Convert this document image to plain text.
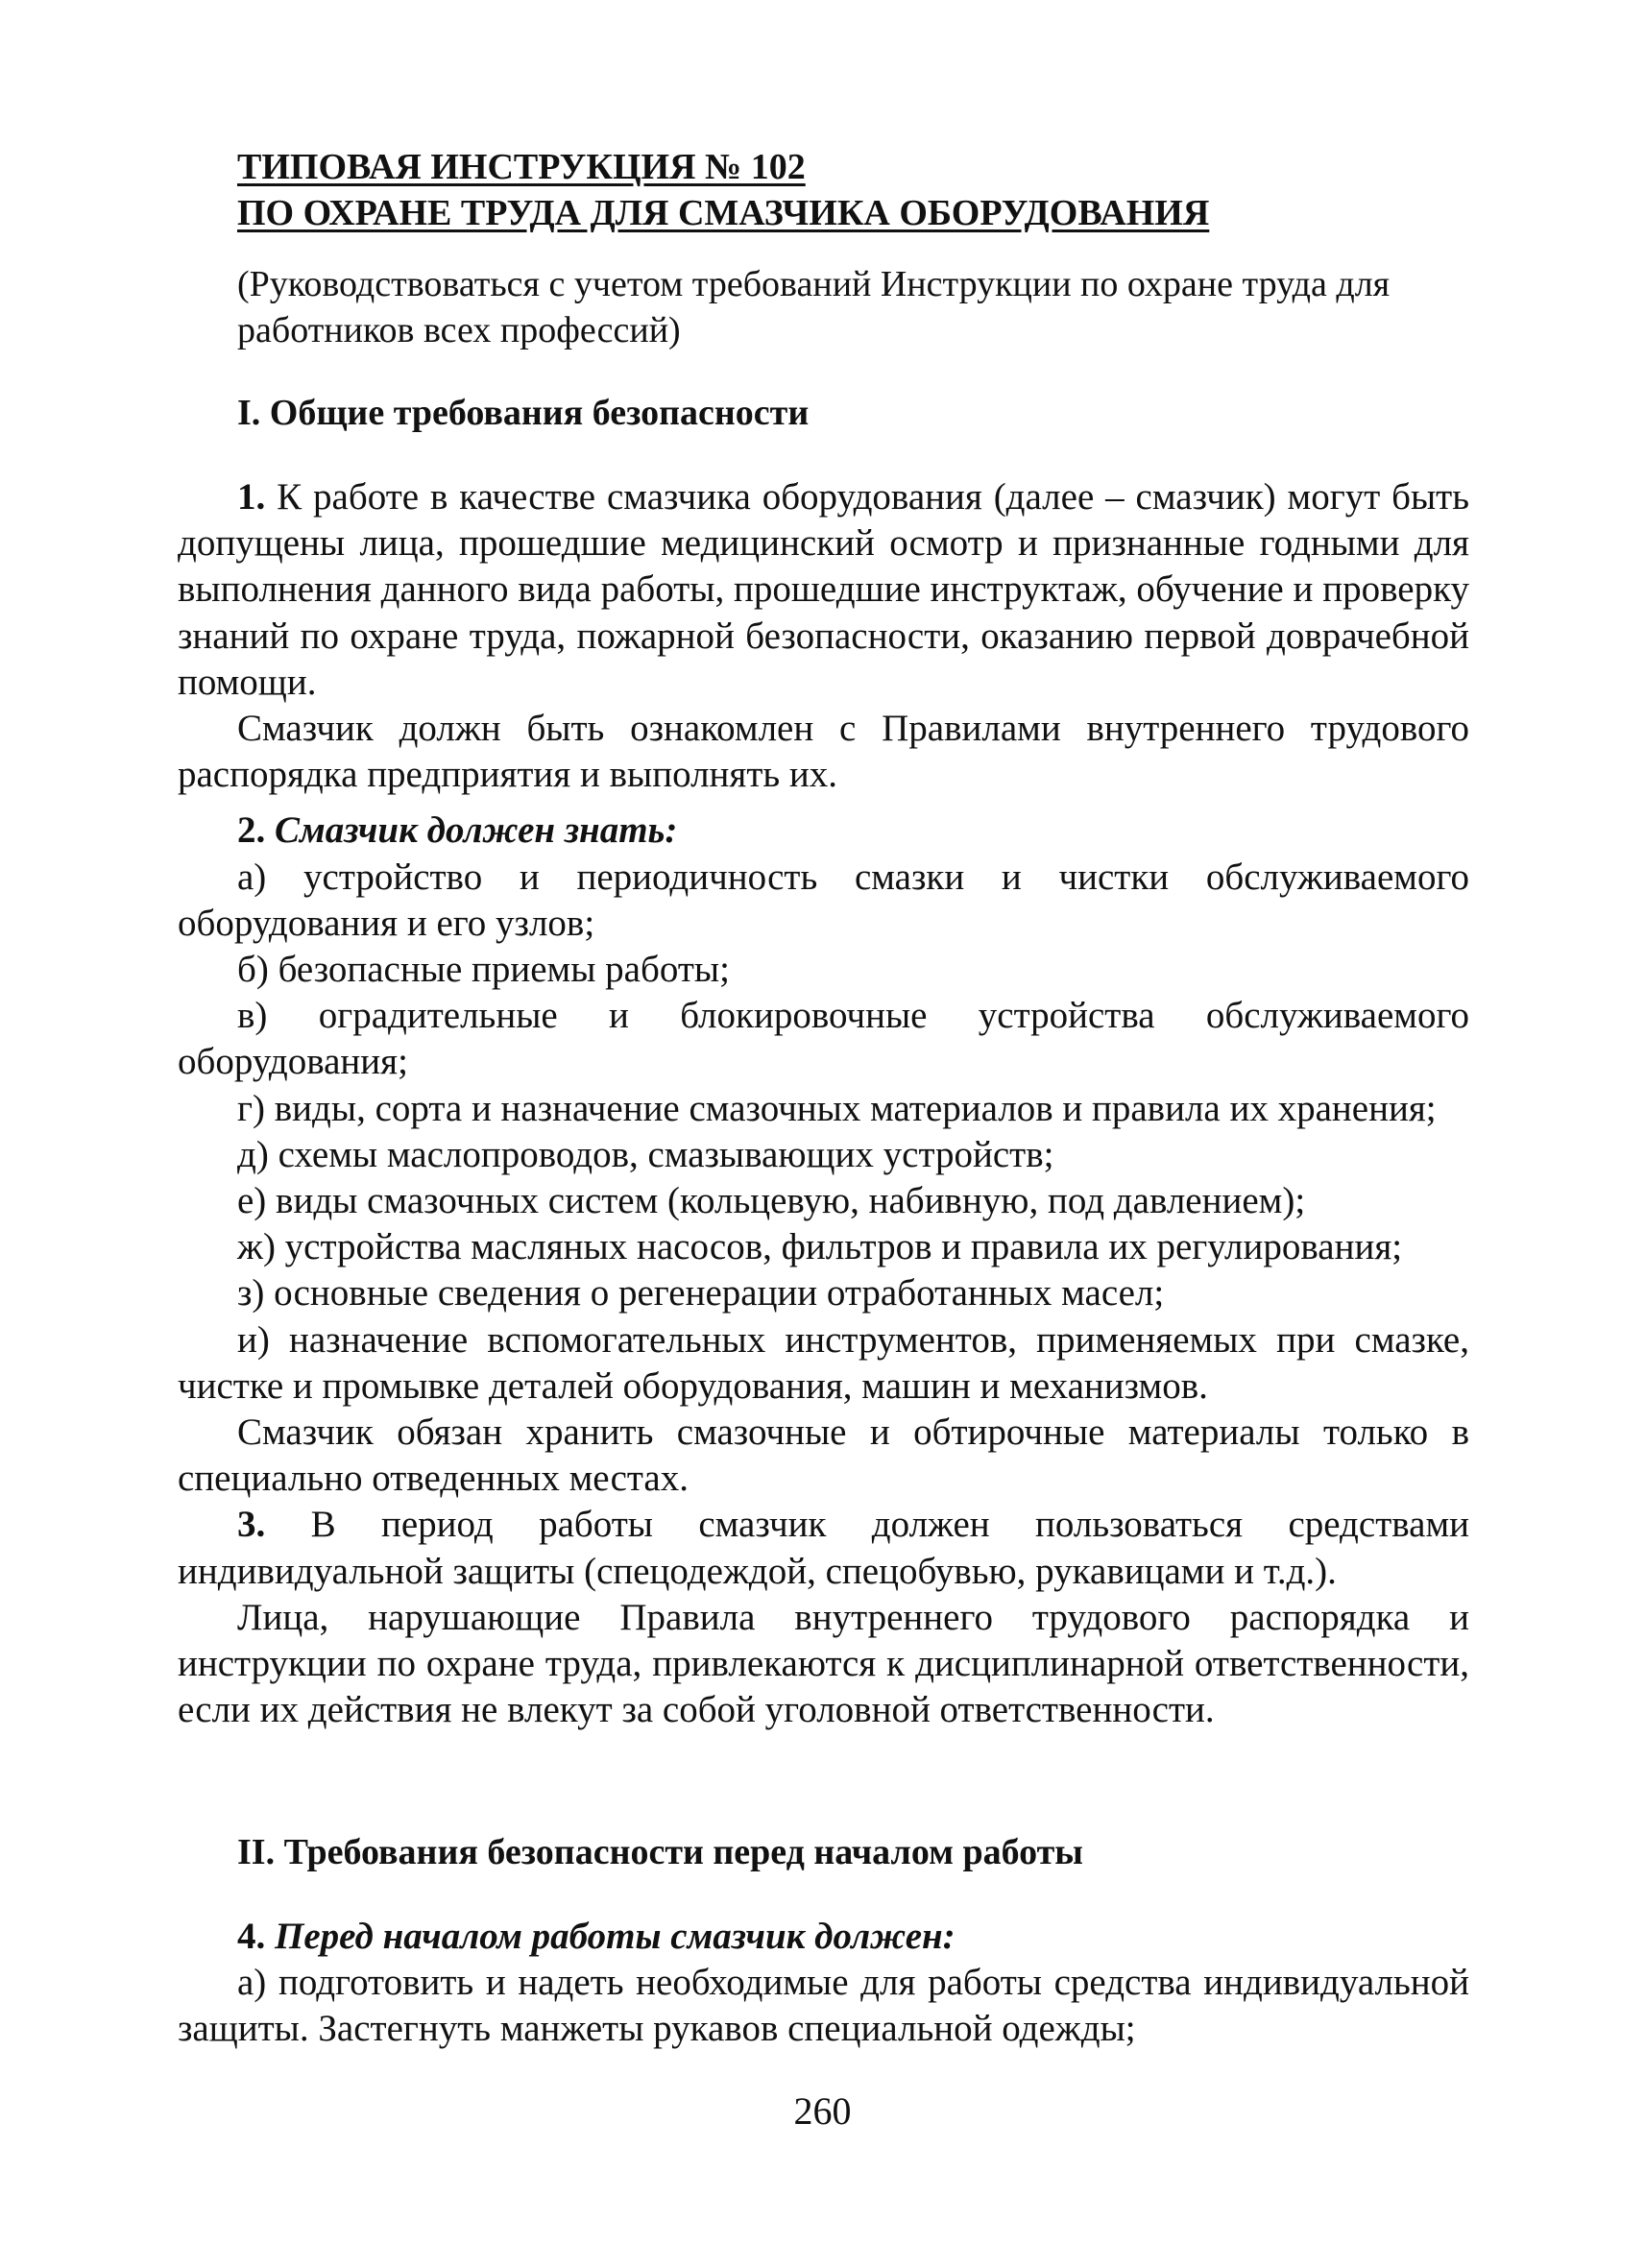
ТИПОВАЯ ИНСТРУКЦИЯ № 102

ПО ОХРАНЕ ТРУДА ДЛЯ СМАЗЧИКА ОБОРУДОВАНИЯ

(Руководствоваться с учетом требований Инструкции по охране труда для работников всех профессий)

I. Общие требования безопасности

1. К работе в качестве смазчика оборудования (далее – смазчик) могут быть допущены лица, прошедшие медицинский осмотр и признанные годными для выполнения данного вида работы, прошедшие инструктаж, обучение и проверку знаний по охране труда, пожарной безопасности, оказанию первой доврачебной помощи.

Смазчик должн быть ознакомлен с Правилами внутреннего трудового распорядка предприятия и выполнять их.

2. Смазчик должен знать:

а) устройство и периодичность смазки и чистки обслуживаемого оборудования и его узлов;

б) безопасные приемы работы;

в) оградительные и блокировочные устройства обслуживаемого оборудования;

г) виды, сорта и назначение смазочных материалов и правила их хранения;

д) схемы маслопроводов, смазывающих устройств;

е) виды смазочных систем (кольцевую, набивную, под давлением);

ж) устройства масляных насосов, фильтров и правила их регулирования;

з) основные сведения о регенерации отработанных масел;

и) назначение вспомогательных инструментов, применяемых при смазке, чистке и промывке деталей оборудования, машин и механизмов.

Смазчик обязан хранить смазочные и обтирочные материалы только в специально отведенных местах.

3. В период работы смазчик должен пользоваться средствами индивидуальной защиты (спецодеждой, спецобувью, рукавицами и т.д.).

Лица, нарушающие Правила внутреннего трудового распорядка и инструкции по охране труда, привлекаются к дисциплинарной ответственности, если их действия не влекут за собой уголовной ответственности.

II. Требования безопасности перед началом работы

4. Перед началом работы смазчик должен:

а) подготовить и надеть необходимые для работы средства индивидуальной защиты. Застегнуть манжеты рукавов специальной одежды;

260
